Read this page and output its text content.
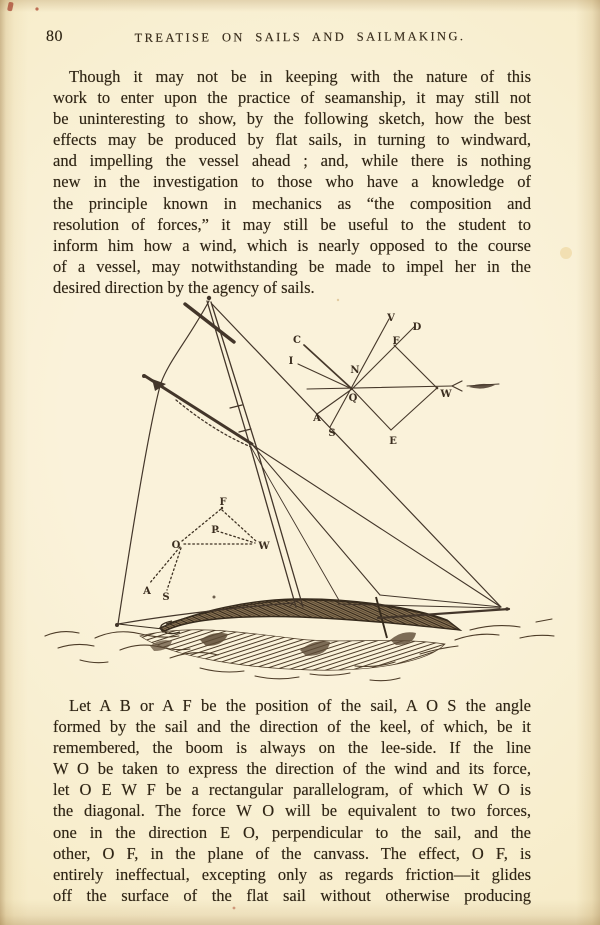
C
I
N
V
D
F
Q	W
A
S
E
F
P
O	W
A
S
80	TREATISE ON SAILS AND SAILMAKING.
Though it may not be in keeping with the nature of this
work to enter upon the practice of seamanship, it may still not
be uninteresting to show, by the following sketch, how the best
effects may be produced by flat sails, in turning to windward,
and impelling the vessel ahead ; and, while there is nothing
new in the investigation to those who have a knowledge of
the principle known in mechanics as “the composition and
resolution of forces,” it may still be useful to the student to
inform him how a wind, which is nearly opposed to the course
of a vessel, may notwithstanding be made to impel her in the
desired direction by the agency of sails.
Let A B or A F be the position of the sail, A O S the angle
formed by the sail and the direction of the keel, of which, be it
remembered, the boom is always on the lee-side. If the line
W O be taken to express the direction of the wind and its force,
let O E W F be a rectangular parallelogram, of which W O is
the diagonal. The force W O will be equivalent to two forces,
one in the direction E O, perpendicular to the sail, and the
other, O F, in the plane of the canvass. The effect, O F, is
entirely ineffectual, excepting only as regards friction—it glides
off the surface of the flat sail without otherwise producing
